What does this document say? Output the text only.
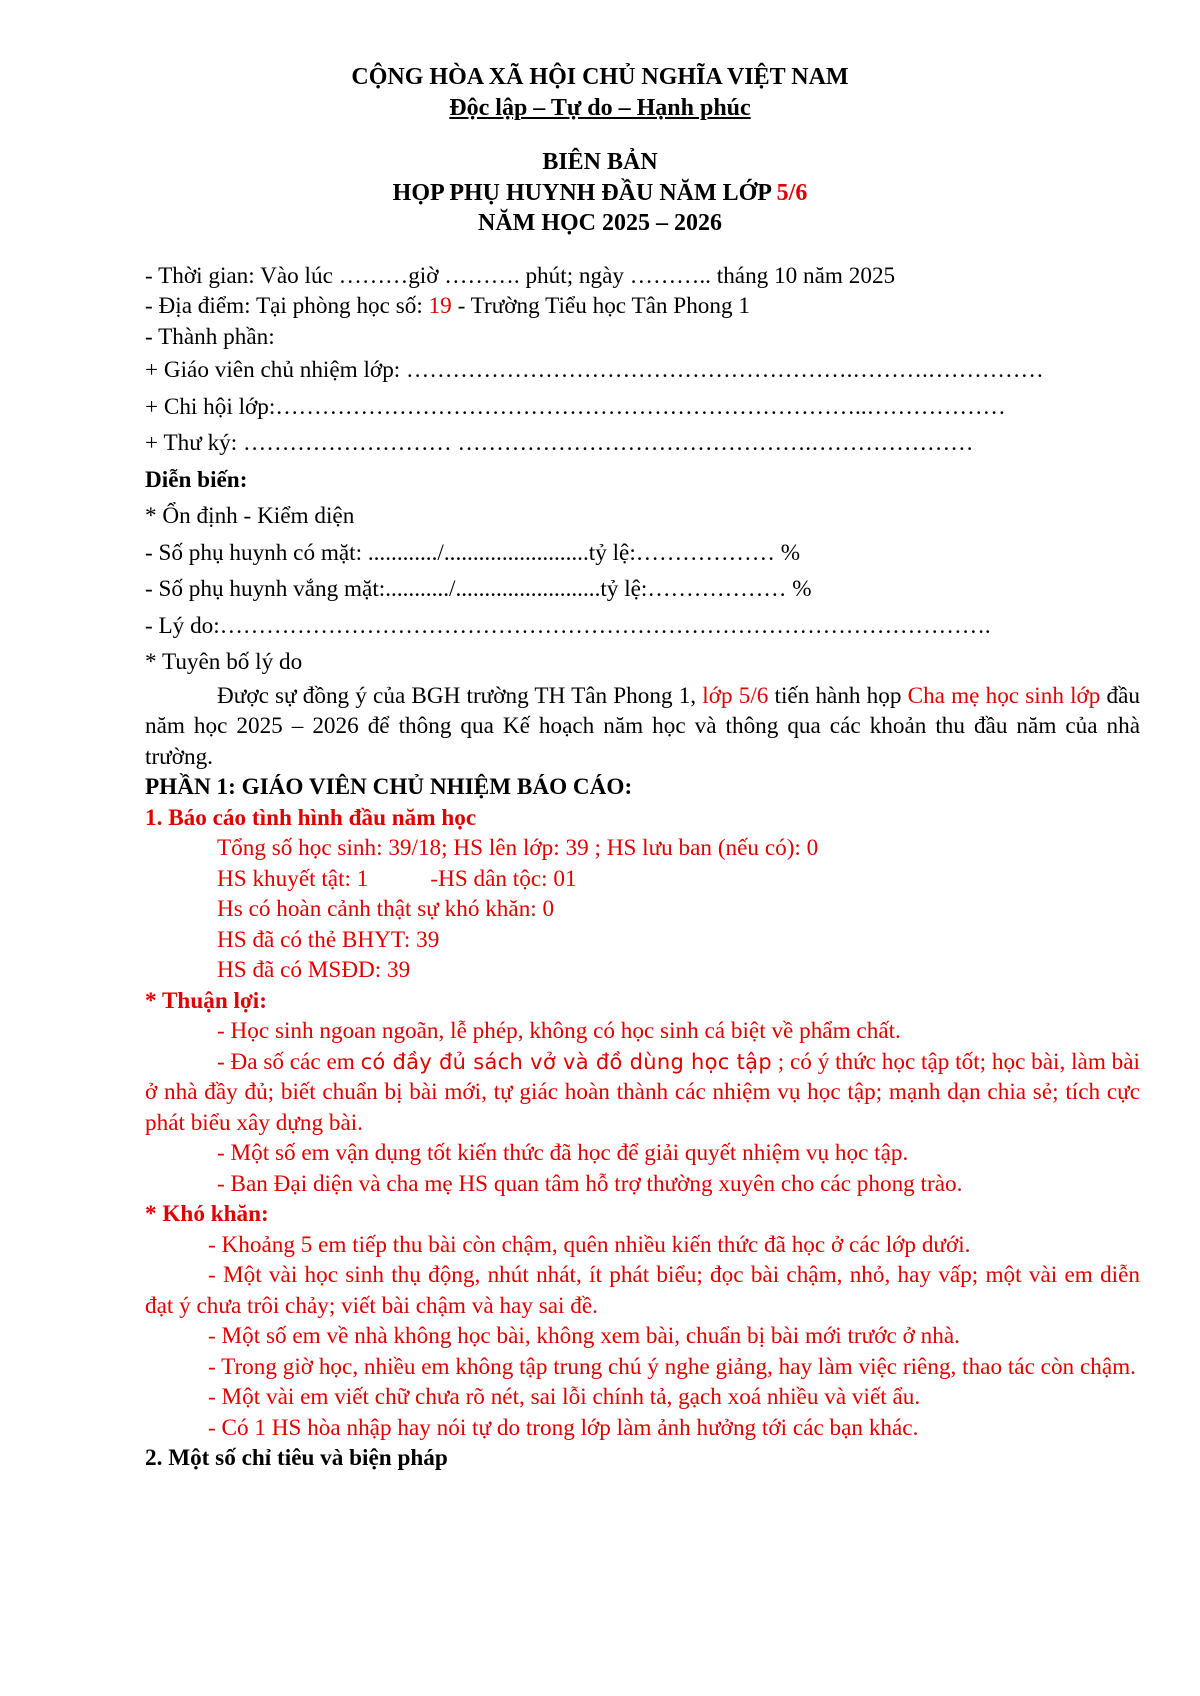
CỘNG HÒA XÃ HỘI CHỦ NGHĨA VIỆT NAM
Độc lập – Tự do – Hạnh phúc
BIÊN BẢN
HỌP PHỤ HUYNH ĐẦU NĂM LỚP 5/6
NĂM HỌC 2025 – 2026
- Thời gian: Vào lúc ………giờ ………. phút; ngày ……….. tháng 10 năm 2025
- Địa điểm: Tại phòng học số: 19 - Trường Tiểu học Tân Phong 1
- Thành phần:
+ Giáo viên chủ nhiệm lớp: ………………………………………………….……….……………
+ Chi hội lớp:…………………………………………………………………..………………
+ Thư ký: ……………………… ……………………………………….…………………
Diễn biến:
* Ổn định - Kiểm diện
- Số phụ huynh có mặt: ............/.........................tỷ lệ:……………… %
- Số phụ huynh vắng mặt:.........../.........................tỷ lệ:……………… %
- Lý do:……………………………………………………………………………………….
* Tuyên bố lý do
Được sự đồng ý của BGH trường TH Tân Phong 1, lớp 5/6 tiến hành họp Cha mẹ học sinh lớp đầu năm học 2025 – 2026 để thông qua Kế hoạch năm học và thông qua các khoản thu đầu năm của nhà trường.
PHẦN 1: GIÁO VIÊN CHỦ NHIỆM BÁO CÁO:
1. Báo cáo tình hình đầu năm học
Tổng số học sinh: 39/18; HS lên lớp: 39 ; HS lưu ban (nếu có): 0
HS khuyết tật: 1	-HS dân tộc: 01
Hs có hoàn cảnh thật sự khó khăn: 0
HS đã có thẻ BHYT: 39
HS đã có MSĐD: 39
* Thuận lợi:
- Học sinh ngoan ngoãn, lễ phép, không có học sinh cá biệt về phẩm chất.
- Đa số các em có đầy đủ sách vở và đồ dùng học tập ; có ý thức học tập tốt; học bài, làm bài ở nhà đầy đủ; biết chuẩn bị bài mới, tự giác hoàn thành các nhiệm vụ học tập; mạnh dạn chia sẻ; tích cực phát biểu xây dựng bài.
- Một số em vận dụng tốt kiến thức đã học để giải quyết nhiệm vụ học tập.
- Ban Đại diện và cha mẹ HS quan tâm hỗ trợ thường xuyên cho các phong trào.
* Khó khăn:
- Khoảng 5 em tiếp thu bài còn chậm, quên nhiều kiến thức đã học ở các lớp dưới.
- Một vài học sinh thụ động, nhút nhát, ít phát biểu; đọc bài chậm, nhỏ, hay vấp; một vài em diễn đạt ý chưa trôi chảy; viết bài chậm và hay sai đề.
- Một số em về nhà không học bài, không xem bài, chuẩn bị bài mới trước ở nhà.
- Trong giờ học, nhiều em không tập trung chú ý nghe giảng, hay làm việc riêng, thao tác còn chậm.
- Một vài em viết chữ chưa rõ nét, sai lỗi chính tả, gạch xoá nhiều và viết ẩu.
- Có 1 HS hòa nhập hay nói tự do trong lớp làm ảnh hưởng tới các bạn khác.
2. Một số chỉ tiêu và biện pháp
